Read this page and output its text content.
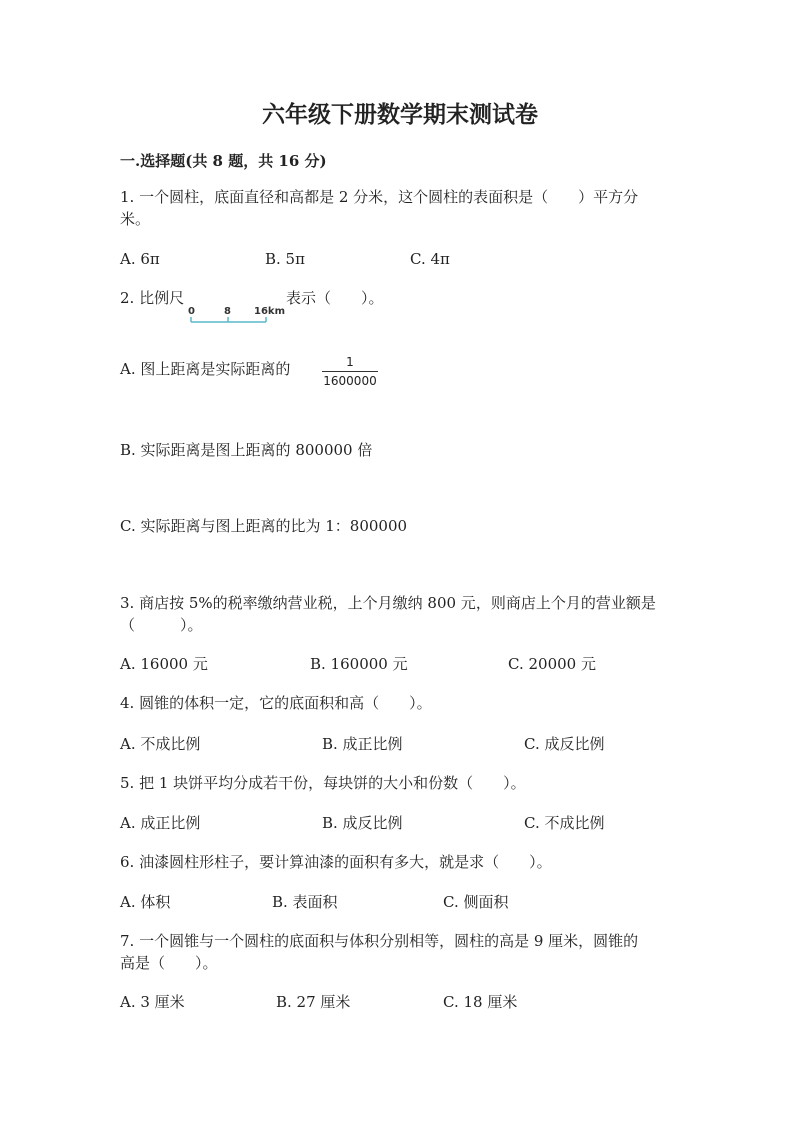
六年级下册数学期末测试卷
一.选择题(共 8 题，共 16 分)
1. 一个圆柱，底面直径和高都是 2 分米，这个圆柱的表面积是（　　）平方分
米。
A. 6π	B. 5π	C. 4π
2. 比例尺
0	8 16km
表示（　　）。
A. 图上距离是实际距离的	1
1600000
B. 实际距离是图上距离的 800000 倍
C. 实际距离与图上距离的比为 1：800000
3. 商店按 5%的税率缴纳营业税，上个月缴纳 800 元，则商店上个月的营业额是
（　　　）。
A. 16000 元	B. 160000 元	C. 20000 元
4. 圆锥的体积一定，它的底面积和高（　　）。
A. 不成比例	B. 成正比例	C. 成反比例
5. 把 1 块饼平均分成若干份，每块饼的大小和份数（　　）。
A. 成正比例	B. 成反比例	C. 不成比例
6. 油漆圆柱形柱子，要计算油漆的面积有多大，就是求（　　）。
A. 体积	B. 表面积	C. 侧面积
7. 一个圆锥与一个圆柱的底面积与体积分别相等，圆柱的高是 9 厘米，圆锥的
高是（　　）。
A. 3 厘米	B. 27 厘米	C. 18 厘米
